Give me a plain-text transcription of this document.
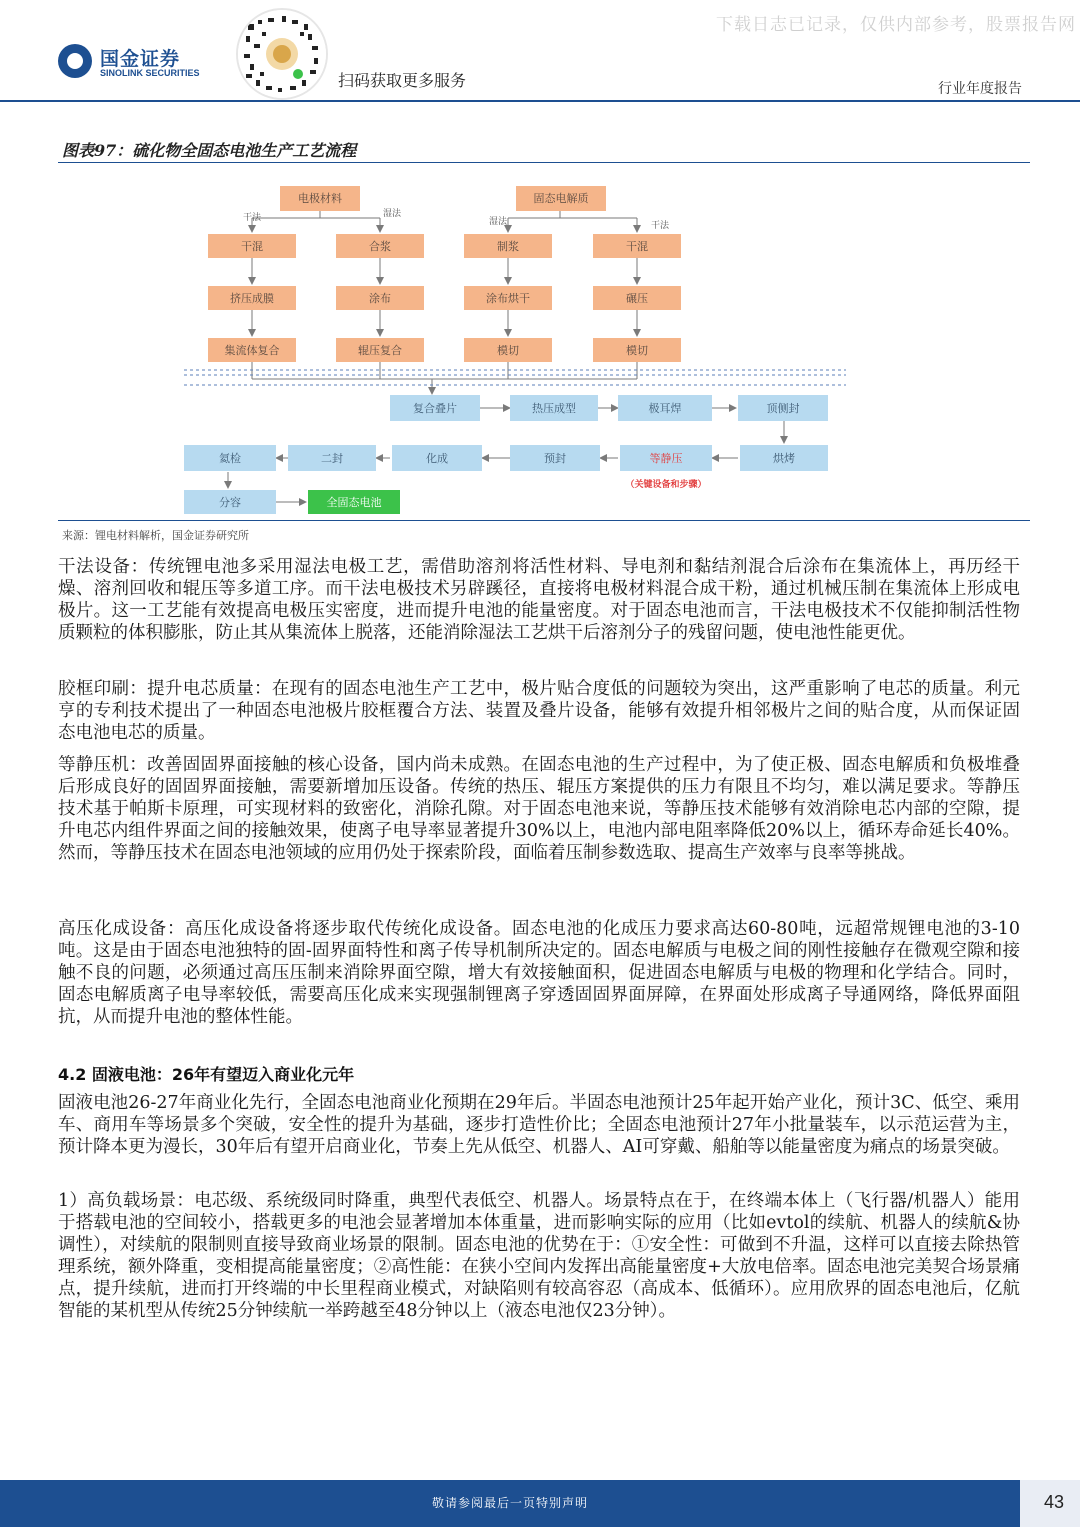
下载日志已记录，仅供内部参考，股票报告网
国金证券
SINOLINK SECURITIES	扫码获取更多服务	行业年度报告
图表97：硫化物全固态电池生产工艺流程
干法	湿法
湿法	干法
电极材料	固态电解质
干混
挤压成膜
集流体复合
合浆
涂布
辊压复合
制浆
涂布烘干
模切
干混
碾压
模切
复合叠片	热压成型	极耳焊	顶侧封
烘烤
预封
化成
二封
氦检
分容
等静压
（关键设备和步骤）
全固态电池
来源：锂电材料解析，国金证券研究所

干法设备：传统锂电池多采用湿法电极工艺，需借助溶剂将活性材料、导电剂和黏结剂混合后涂布在集流体上，再历经干燥、溶剂回收和辊压等多道工序。而干法电极技术另辟蹊径，直接将电极材料混合成干粉，通过机械压制在集流体上形成电极片。这一工艺能有效提高电极压实密度，进而提升电池的能量密度。对于固态电池而言，干法电极技术不仅能抑制活性物质颗粒的体积膨胀，防止其从集流体上脱落，还能消除湿法工艺烘干后溶剂分子的残留问题，使电池性能更优。

胶框印刷：提升电芯质量：在现有的固态电池生产工艺中，极片贴合度低的问题较为突出，这严重影响了电芯的质量。利元亨的专利技术提出了一种固态电池极片胶框覆合方法、装置及叠片设备，能够有效提升相邻极片之间的贴合度，从而保证固态电池电芯的质量。

等静压机：改善固固界面接触的核心设备，国内尚未成熟。在固态电池的生产过程中，为了使正极、固态电解质和负极堆叠后形成良好的固固界面接触，需要新增加压设备。传统的热压、辊压方案提供的压力有限且不均匀，难以满足要求。等静压技术基于帕斯卡原理，可实现材料的致密化，消除孔隙。对于固态电池来说，等静压技术能够有效消除电芯内部的空隙，提升电芯内组件界面之间的接触效果，使离子电导率显著提升30%以上，电池内部电阻率降低20%以上，循环寿命延长40%。然而，等静压技术在固态电池领域的应用仍处于探索阶段，面临着压制参数选取、提高生产效率与良率等挑战。

高压化成设备：高压化成设备将逐步取代传统化成设备。固态电池的化成压力要求高达60-80吨，远超常规锂电池的3-10吨。这是由于固态电池独特的固-固界面特性和离子传导机制所决定的。固态电解质与电极之间的刚性接触存在微观空隙和接触不良的问题，必须通过高压压制来消除界面空隙，增大有效接触面积，促进固态电解质与电极的物理和化学结合。同时，固态电解质离子电导率较低，需要高压化成来实现强制锂离子穿透固固界面屏障，在界面处形成离子导通网络，降低界面阻抗，从而提升电池的整体性能。

4.2 固液电池：26年有望迈入商业化元年

固液电池26-27年商业化先行，全固态电池商业化预期在29年后。半固态电池预计25年起开始产业化，预计3C、低空、乘用车、商用车等场景多个突破，安全性的提升为基础，逐步打造性价比；全固态电池预计27年小批量装车，以示范运营为主，预计降本更为漫长，30年后有望开启商业化，节奏上先从低空、机器人、AI可穿戴、船舶等以能量密度为痛点的场景突破。

1）高负载场景：电芯级、系统级同时降重，典型代表低空、机器人。场景特点在于，在终端本体上（飞行器/机器人）能用于搭载电池的空间较小，搭载更多的电池会显著增加本体重量，进而影响实际的应用（比如evtol的续航、机器人的续航&协调性），对续航的限制则直接导致商业场景的限制。固态电池的优势在于：①安全性：可做到不升温，这样可以直接去除热管理系统，额外降重，变相提高能量密度；②高性能：在狭小空间内发挥出高能量密度+大放电倍率。固态电池完美契合场景痛点，提升续航，进而打开终端的中长里程商业模式，对缺陷则有较高容忍（高成本、低循环）。应用欣界的固态电池后，亿航智能的某机型从传统25分钟续航一举跨越至48分钟以上（液态电池仅23分钟）。

敬请参阅最后一页特别声明	43
